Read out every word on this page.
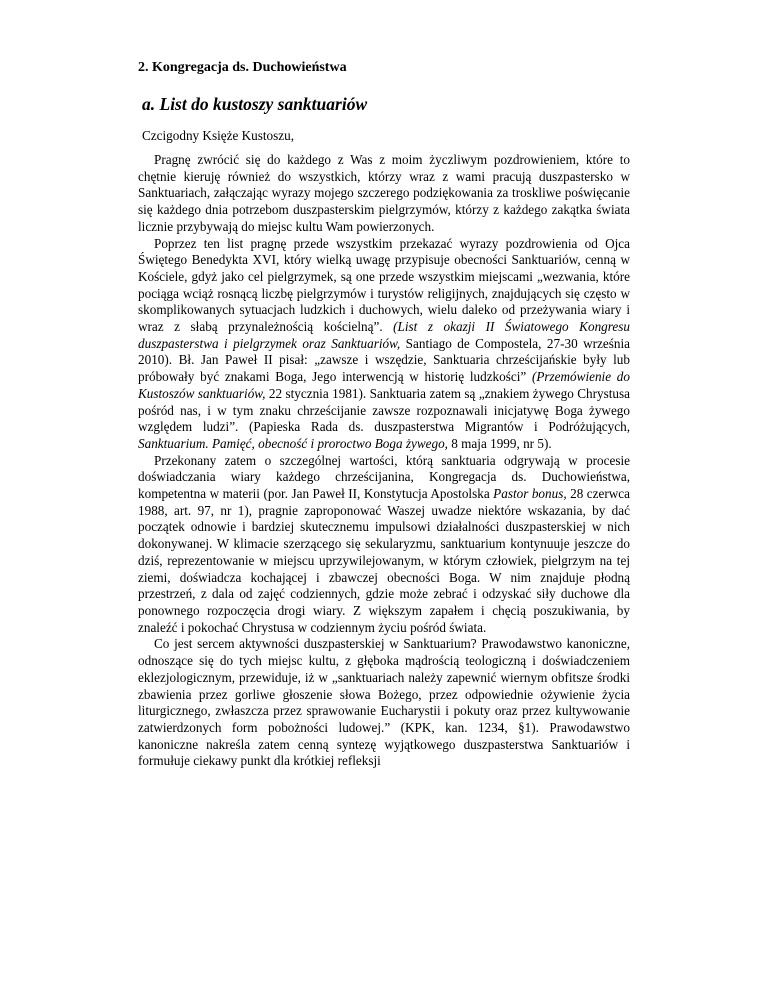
2. Kongregacja ds. Duchowieństwa
a. List do kustoszy sanktuariów
Czcigodny Księże Kustoszu,

Pragnę zwrócić się do każdego z Was z moim życzliwym pozdrowieniem, które to chętnie kieruję również do wszystkich, którzy wraz z wami pracują duszpastersko w Sanktuariach, załączając wyrazy mojego szczerego podziękowania za troskliwe poświęcanie się każdego dnia potrzebom duszpasterskim pielgrzymów, którzy z każdego zakątka świata licznie przybywają do miejsc kultu Wam powierzonych.

Poprzez ten list pragnę przede wszystkim przekazać wyrazy pozdrowienia od Ojca Świętego Benedykta XVI, który wielką uwagę przypisuje obecności Sanktuariów, cenną w Kościele, gdyż jako cel pielgrzymek, są one przede wszystkim miejscami „wezwania, które pociąga wciąż rosnącą liczbę pielgrzymów i turystów religijnych, znajdujących się często w skomplikowanych sytuacjach ludzkich i duchowych, wielu daleko od przeżywania wiary i wraz z słabą przynależnością kościelną”. (List z okazji II Światowego Kongresu duszpasterstwa i pielgrzymek oraz Sanktuariów, Santiago de Compostela, 27-30 września 2010). Bł. Jan Paweł II pisał: „zawsze i wszędzie, Sanktuaria chrześcijańskie były lub próbowały być znakami Boga, Jego interwencją w historię ludzkości” (Przemówienie do Kustoszów sanktuariów, 22 stycznia 1981). Sanktuaria zatem są „znakiem żywego Chrystusa pośród nas, i w tym znaku chrześcijanie zawsze rozpoznawali inicjatywę Boga żywego względem ludzi”. (Papieska Rada ds. duszpasterstwa Migrantów i Podróżujących, Sanktuarium. Pamięć, obecność i proroctwo Boga żywego, 8 maja 1999, nr 5).

Przekonany zatem o szczególnej wartości, którą sanktuaria odgrywają w procesie doświadczania wiary każdego chrześcijanina, Kongregacja ds. Duchowieństwa, kompetentna w materii (por. Jan Paweł II, Konstytucja Apostolska Pastor bonus, 28 czerwca 1988, art. 97, nr 1), pragnie zaproponować Waszej uwadze niektóre wskazania, by dać początek odnowie i bardziej skutecznemu impulsowi działalności duszpasterskiej w nich dokonywanej. W klimacie szerzącego się sekularyzmu, sanktuarium kontynuuje jeszcze do dziś, reprezentowanie w miejscu uprzywilejowanym, w którym człowiek, pielgrzym na tej ziemi, doświadcza kochającej i zbawczej obecności Boga. W nim znajduje płodną przestrzeń, z dala od zajęć codziennych, gdzie może zebrać i odzyskać siły duchowe dla ponownego rozpoczęcia drogi wiary. Z większym zapałem i chęcią poszukiwania, by znaleźć i pokochać Chrystusa w codziennym życiu pośród świata.

Co jest sercem aktywności duszpasterskiej w Sanktuarium? Prawodawstwo kanoniczne, odnoszące się do tych miejsc kultu, z głęboka mądrością teologiczną i doświadczeniem eklezjologicznym, przewiduje, iż w „sanktuariach należy zapewnić wiernym obfitsze środki zbawienia przez gorliwe głoszenie słowa Bożego, przez odpowiednie ożywienie życia liturgicznego, zwłaszcza przez sprawowanie Eucharystii i pokuty oraz przez kultywowanie zatwierdzonych form pobożności ludowej.” (KPK, kan. 1234, §1). Prawodawstwo kanoniczne nakreśla zatem cenną syntezę wyjątkowego duszpasterstwa Sanktuariów i formułuje ciekawy punkt dla krótkiej refleksji
